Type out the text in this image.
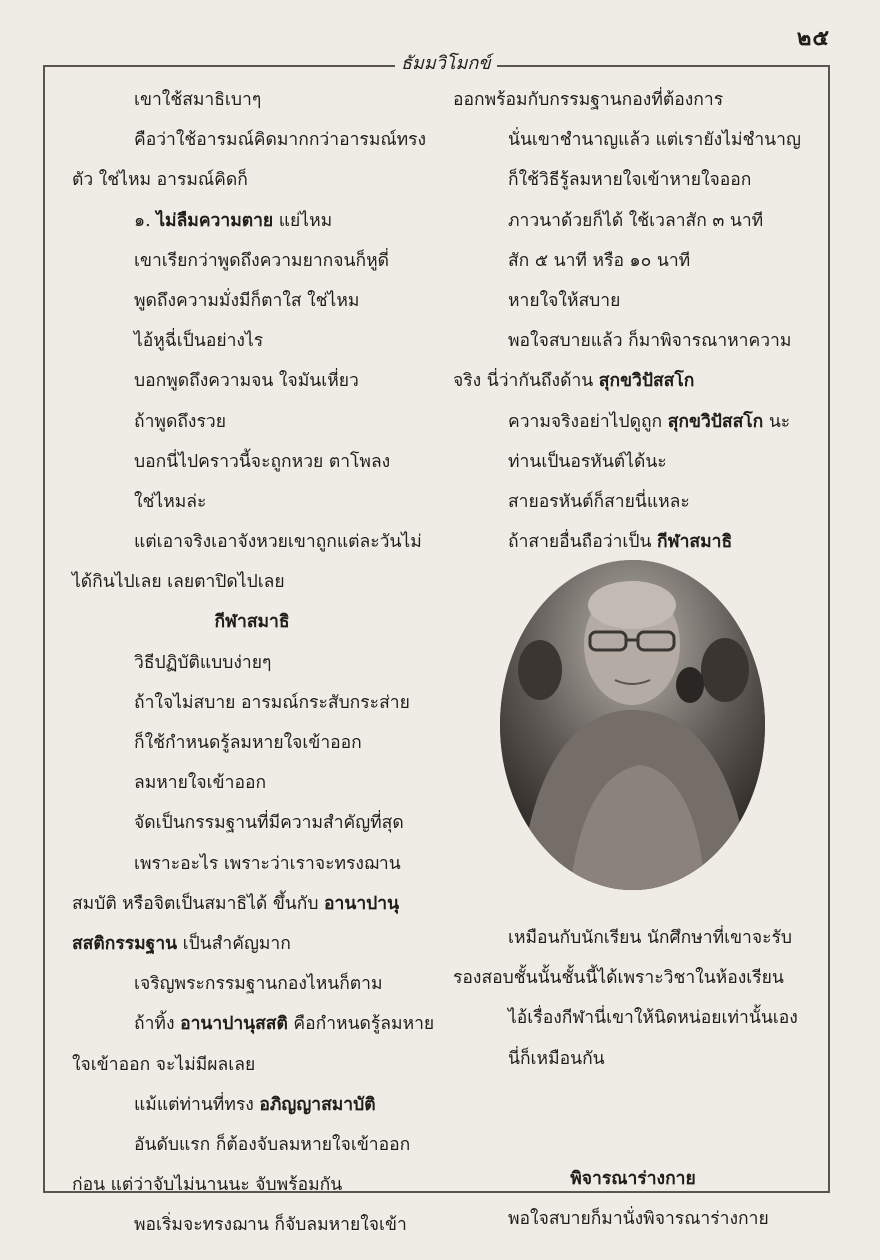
๒๕
ธัมมวิโมกข์
เขาใช้สมาธิเบาๆ
คือว่าใช้อารมณ์คิดมากกว่าอารมณ์ทรง
ตัว ใช่ไหม อารมณ์คิดก็
๑. ไม่ลืมความตาย แย่ไหม
เขาเรียกว่าพูดถึงความยากจนก็หูดี่
พูดถึงความมั่งมีก็ตาใส ใช่ไหม
ไอ้หูฉี่เป็นอย่างไร
บอกพูดถึงความจน ใจมันเหี่ยว
ถ้าพูดถึงรวย
บอกนี่ไปคราวนี้จะถูกหวย ตาโพลง
ใช่ไหมล่ะ
แต่เอาจริงเอาจังหวยเขาถูกแต่ละวันไม่
ได้กินไปเลย เลยตาปิดไปเลย
กีฬาสมาธิ
วิธีปฏิบัติแบบง่ายๆ
ถ้าใจไม่สบาย อารมณ์กระสับกระส่าย
ก็ใช้กำหนดรู้ลมหายใจเข้าออก
ลมหายใจเข้าออก
จัดเป็นกรรมฐานที่มีความสำคัญที่สุด
เพราะอะไร เพราะว่าเราจะทรงฌาน
สมบัติ หรือจิตเป็นสมาธิได้ ขึ้นกับ อานาปานุ
สสติกรรมฐาน เป็นสำคัญมาก
เจริญพระกรรมฐานกองไหนก็ตาม
ถ้าทิ้ง อานาปานุสสติ คือกำหนดรู้ลมหาย
ใจเข้าออก จะไม่มีผลเลย
แม้แต่ท่านที่ทรง อภิญญาสมาบัติ
อันดับแรก ก็ต้องจับลมหายใจเข้าออก
ก่อน แต่ว่าจับไม่นานนะ จับพร้อมกัน
พอเริ่มจะทรงฌาน ก็จับลมหายใจเข้า
ออกพร้อมกับกรรมฐานกองที่ต้องการ
นั่นเขาชำนาญแล้ว แต่เรายังไม่ชำนาญ
ก็ใช้วิธีรู้ลมหายใจเข้าหายใจออก
ภาวนาด้วยก็ได้ ใช้เวลาสัก ๓ นาที
สัก ๕ นาที หรือ ๑๐ นาที
หายใจให้สบาย
พอใจสบายแล้ว ก็มาพิจารณาหาความ
จริง นี่ว่ากันถึงด้าน สุกขวิปัสสโก
ความจริงอย่าไปดูถูก สุกขวิปัสสโก นะ
ท่านเป็นอรหันต์ได้นะ
สายอรหันต์ก็สายนี่แหละ
ถ้าสายอื่นถือว่าเป็น กีฬาสมาธิ
เหมือนกับนักเรียน นักศึกษาที่เขาจะรับ
รองสอบชั้นนั้นชั้นนี้ได้เพราะวิชาในห้องเรียน
ไอ้เรื่องกีฬานี่เขาให้นิดหน่อยเท่านั้นเอง
นี่ก็เหมือนกัน
พิจารณาร่างกาย
พอใจสบายก็มานั่งพิจารณาร่างกาย
